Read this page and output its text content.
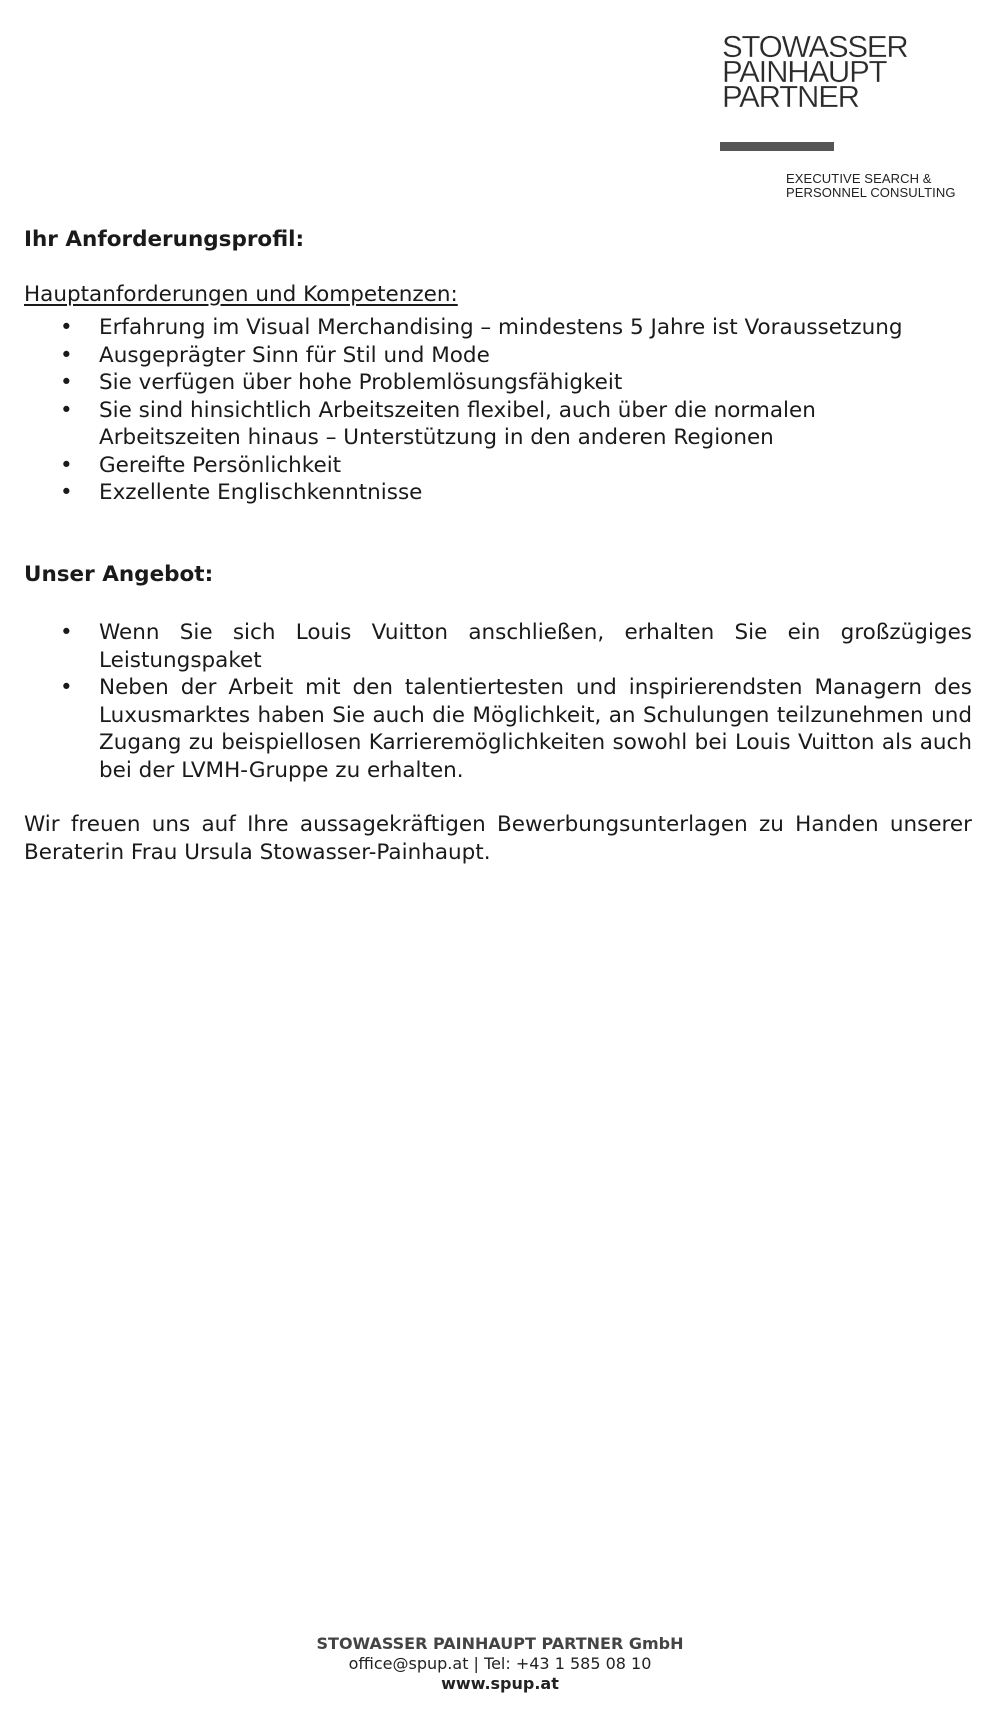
STOWASSER
PAINHAUPT
PARTNER
EXECUTIVE SEARCH &
PERSONNEL CONSULTING

Ihr Anforderungsprofil:

Hauptanforderungen und Kompetenzen:

• Erfahrung im Visual Merchandising – mindestens 5 Jahre ist Voraussetzung
• Ausgeprägter Sinn für Stil und Mode
• Sie verfügen über hohe Problemlösungsfähigkeit
• Sie sind hinsichtlich Arbeitszeiten flexibel, auch über die normalen Arbeitszeiten hinaus – Unterstützung in den anderen Regionen
• Gereifte Persönlichkeit
• Exzellente Englischkenntnisse

Unser Angebot:

• Wenn Sie sich Louis Vuitton anschließen, erhalten Sie ein großzügiges Leistungspaket
• Neben der Arbeit mit den talentiertesten und inspirierendsten Managern des Luxusmarktes haben Sie auch die Möglichkeit, an Schulungen teilzunehmen und Zugang zu beispiellosen Karrieremöglichkeiten sowohl bei Louis Vuitton als auch bei der LVMH-Gruppe zu erhalten.

Wir freuen uns auf Ihre aussagekräftigen Bewerbungsunterlagen zu Handen unserer Beraterin Frau Ursula Stowasser-Painhaupt.

STOWASSER PAINHAUPT PARTNER GmbH
office@spup.at | Tel: +43 1 585 08 10
www.spup.at
